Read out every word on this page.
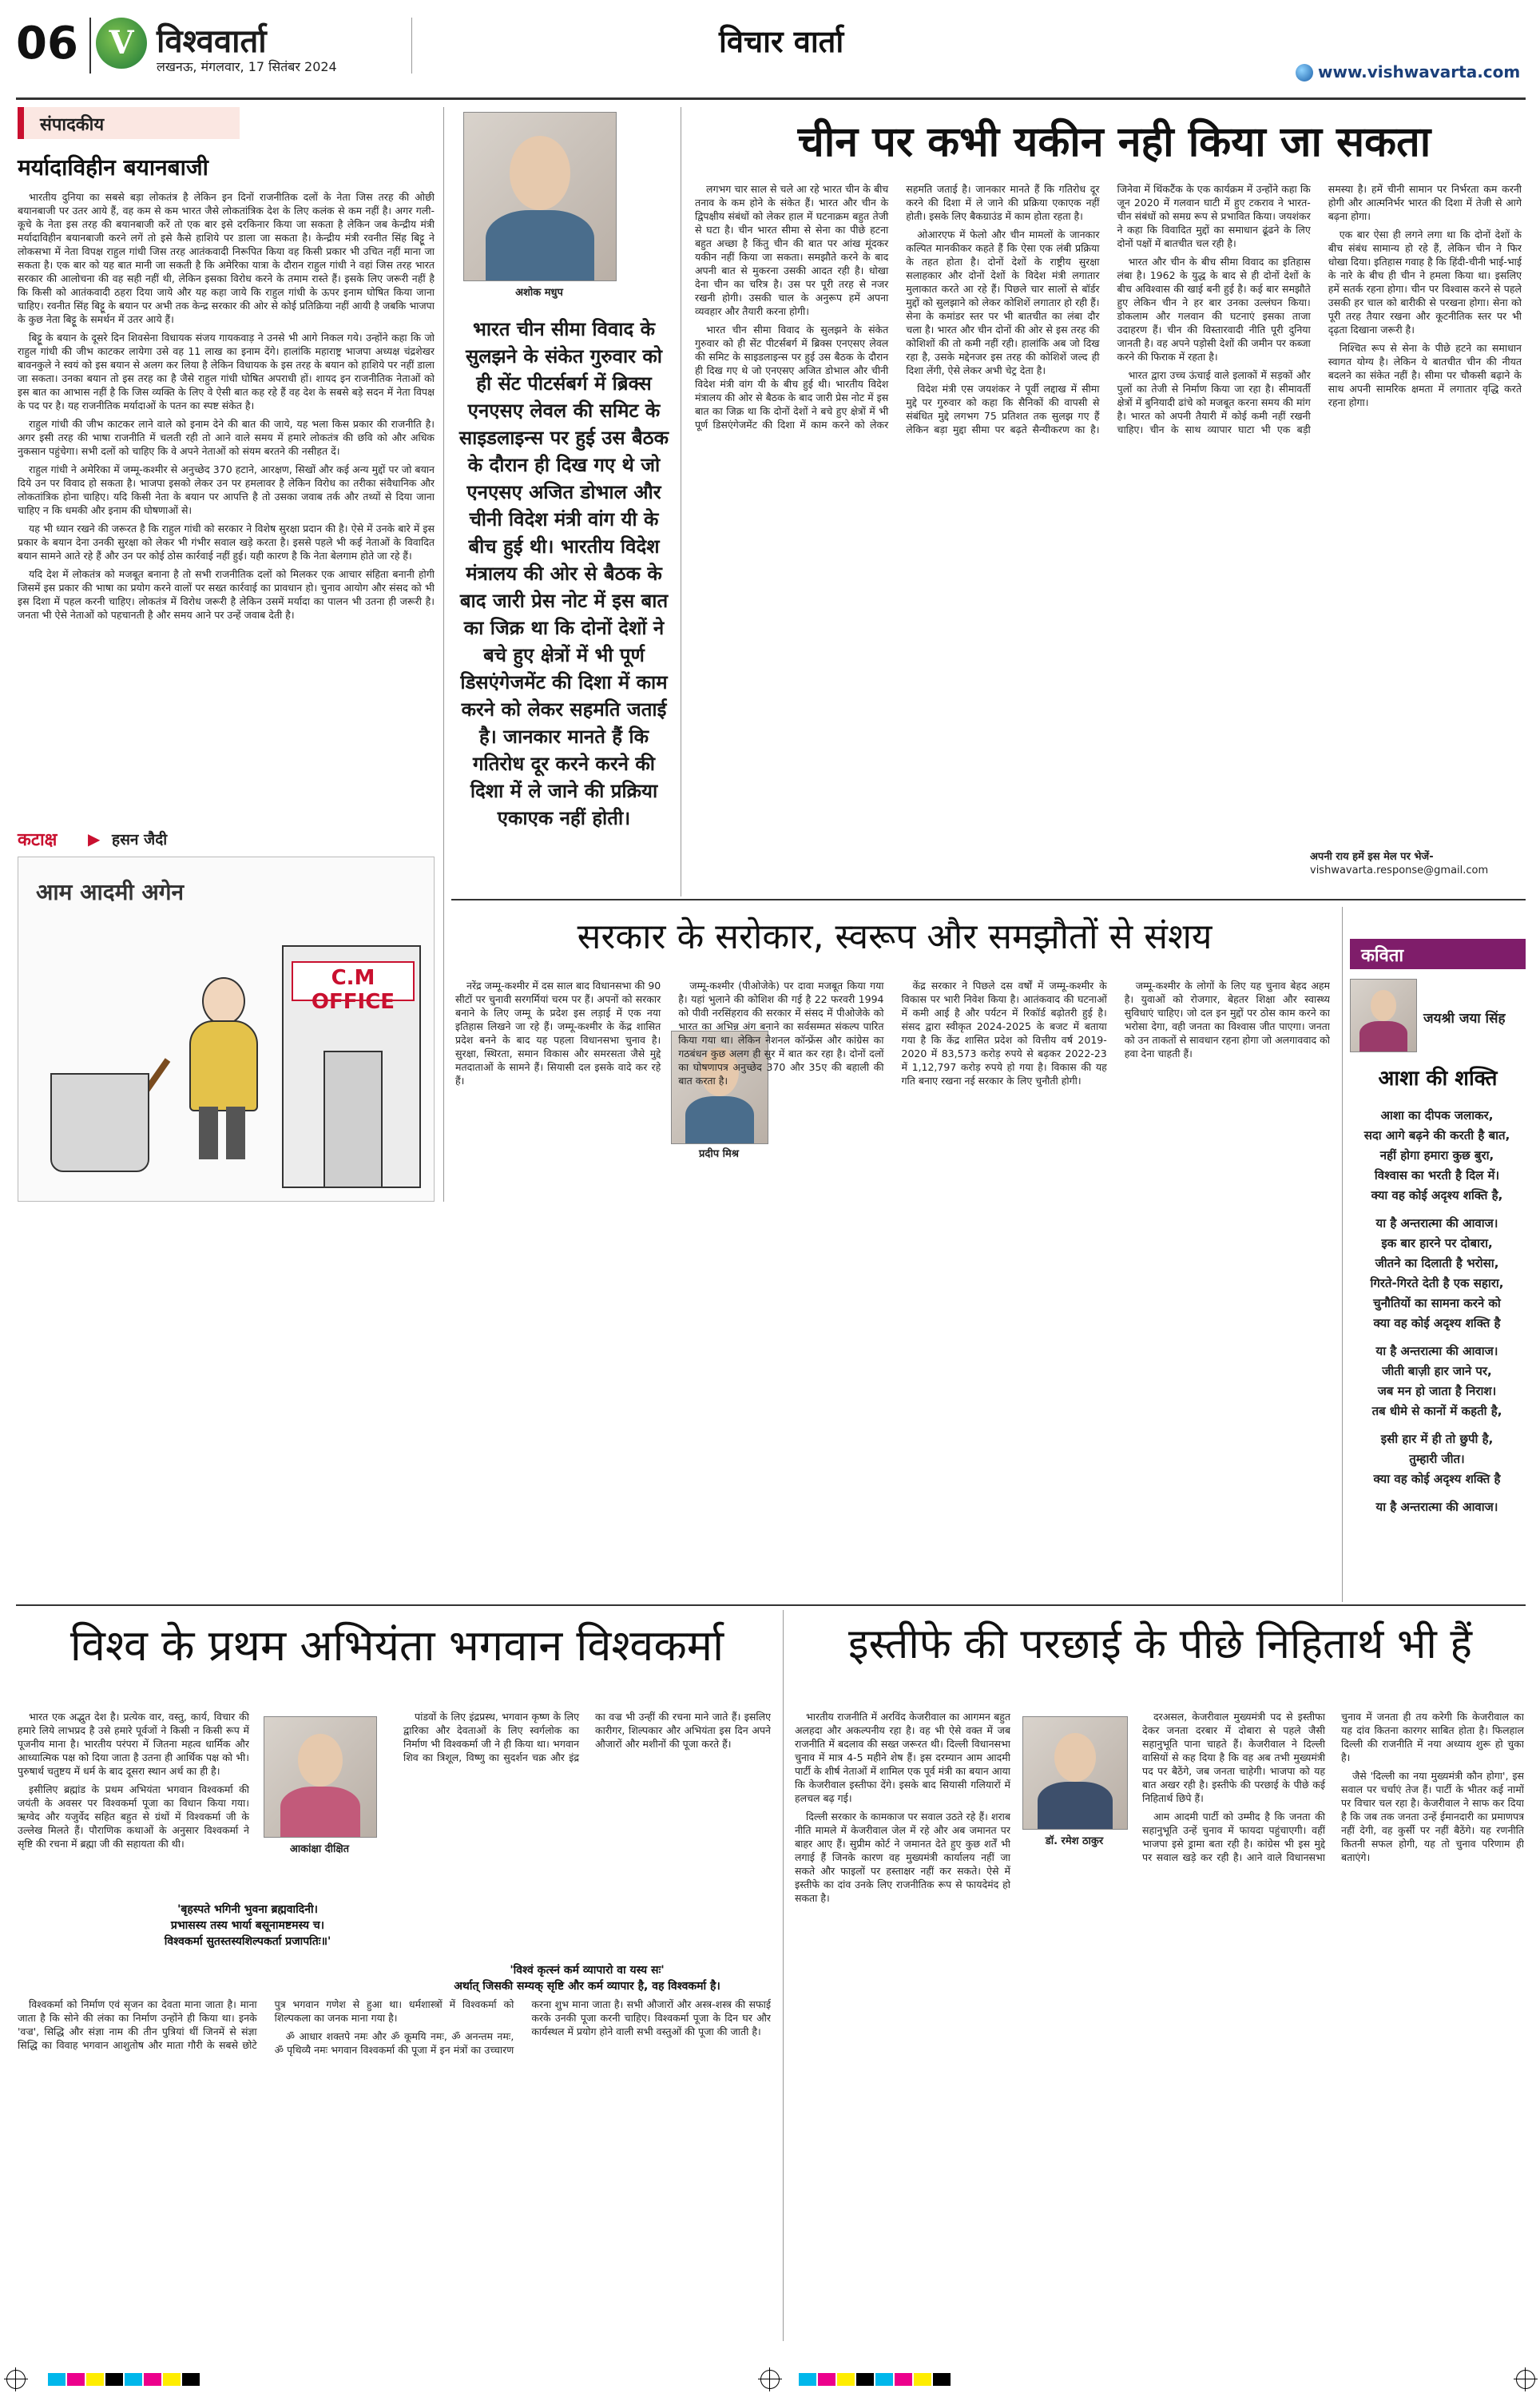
06 V विश्ववार्ता
लखनऊ, मंगलवार, 17 सितंबर 2024
विचार वार्ता
www.vishwavarta.com
संपादकीय
मर्यादाविहीन बयानबाजी

भारतीय दुनिया का सबसे बड़ा लोकतंत्र है लेकिन इन दिनों राजनीतिक दलों के नेता जिस तरह की ओछी बयानबाजी पर उतर आये हैं, वह कम से कम भारत जैसे लोकतांत्रिक देश के लिए कलंक से कम नहीं है। अगर गली-कूचे के नेता इस तरह की बयानबाजी करें तो एक बार इसे दरकिनार किया जा सकता है लेकिन जब केन्द्रीय मंत्री मर्यादाविहीन बयानबाजी करने लगें तो इसे कैसे हाशिये पर डाला जा सकता है। केन्द्रीय मंत्री रवनीत सिंह बिट्टू ने लोकसभा में नेता विपक्ष राहुल गांधी जिस तरह आतंकवादी निरूपित किया वह किसी प्रकार भी उचित नहीं माना जा सकता है। एक बार को यह बात मानी जा सकती है कि अमेरिका यात्रा के दौरान राहुल गांधी ने वहां जिस तरह भारत सरकार की आलोचना की वह सही नहीं थी, लेकिन इसका विरोध करने के तमाम रास्ते हैं। इसके लिए जरूरी नहीं है कि किसी को आतंकवादी ठहरा दिया जाये और यह कहा जाये कि राहुल गांधी के ऊपर इनाम घोषित किया जाना चाहिए। रवनीत सिंह बिट्टू के बयान पर अभी तक केन्द्र सरकार की ओर से कोई प्रतिक्रिया नहीं आयी है जबकि भाजपा के कुछ नेता बिट्टू के समर्थन में उतर आये हैं।

बिट्टू के बयान के दूसरे दिन शिवसेना विधायक संजय गायकवाड़ ने उनसे भी आगे निकल गये। उन्होंने कहा कि जो राहुल गांधी की जीभ काटकर लायेगा उसे वह 11 लाख का इनाम देंगे। हालांकि महाराष्ट्र भाजपा अध्यक्ष चंद्रशेखर बावनकुले ने स्वयं को इस बयान से अलग कर लिया है लेकिन विधायक के इस तरह के बयान को हाशिये पर नहीं डाला जा सकता। उनका बयान तो इस तरह का है जैसे राहुल गांधी घोषित अपराधी हों। शायद इन राजनीतिक नेताओं को इस बात का आभास नहीं है कि जिस व्यक्ति के लिए वे ऐसी बात कह रहे हैं वह देश के सबसे बड़े सदन में नेता विपक्ष के पद पर है। यह राजनीतिक मर्यादाओं के पतन का स्पष्ट संकेत है।

राहुल गांधी की जीभ काटकर लाने वाले को इनाम देने की बात की जाये, यह भला किस प्रकार की राजनीति है। अगर इसी तरह की भाषा राजनीति में चलती रही तो आने वाले समय में हमारे लोकतंत्र की छवि को और अधिक नुकसान पहुंचेगा। सभी दलों को चाहिए कि वे अपने नेताओं को संयम बरतने की नसीहत दें।

राहुल गांधी ने अमेरिका में जम्मू-कश्मीर से अनुच्छेद 370 हटाने, आरक्षण, सिखों और कई अन्य मुद्दों पर जो बयान दिये उन पर विवाद हो सकता है। भाजपा इसको लेकर उन पर हमलावर है लेकिन विरोध का तरीका संवैधानिक और लोकतांत्रिक होना चाहिए। यदि किसी नेता के बयान पर आपत्ति है तो उसका जवाब तर्क और तथ्यों से दिया जाना चाहिए न कि धमकी और इनाम की घोषणाओं से।

यह भी ध्यान रखने की जरूरत है कि राहुल गांधी को सरकार ने विशेष सुरक्षा प्रदान की है। ऐसे में उनके बारे में इस प्रकार के बयान देना उनकी सुरक्षा को लेकर भी गंभीर सवाल खड़े करता है। इससे पहले भी कई नेताओं के विवादित बयान सामने आते रहे हैं और उन पर कोई ठोस कार्रवाई नहीं हुई। यही कारण है कि नेता बेलगाम होते जा रहे हैं।

यदि देश में लोकतंत्र को मजबूत बनाना है तो सभी राजनीतिक दलों को मिलकर एक आचार संहिता बनानी होगी जिसमें इस प्रकार की भाषा का प्रयोग करने वालों पर सख्त कार्रवाई का प्रावधान हो। चुनाव आयोग और संसद को भी इस दिशा में पहल करनी चाहिए। लोकतंत्र में विरोध जरूरी है लेकिन उसमें मर्यादा का पालन भी उतना ही जरूरी है। जनता भी ऐसे नेताओं को पहचानती है और समय आने पर उन्हें जवाब देती है।

कटाक्ष ▶ हसन जैदी
आम आदमी अगेन
C.M OFFICE
अशोक मधुप
भारत चीन सीमा विवाद के सुलझने के संकेत गुरुवार को ही सेंट पीटर्सबर्ग में ब्रिक्स एनएसए लेवल की समिट के साइडलाइन्स पर हुई उस बैठक के दौरान ही दिख गए थे जो एनएसए अजित डोभाल और चीनी विदेश मंत्री वांग यी के बीच हुई थी। भारतीय विदेश मंत्रालय की ओर से बैठक के बाद जारी प्रेस नोट में इस बात का जिक्र था कि दोनों देशों ने बचे हुए क्षेत्रों में भी पूर्ण डिसएंगेजमेंट की दिशा में काम करने को लेकर सहमति जताई है। जानकार मानते हैं कि गतिरोध दूर करने करने की दिशा में ले जाने की प्रक्रिया एकाएक नहीं होती।
चीन पर कभी यकीन नही किया जा सकता

लगभग चार साल से चले आ रहे भारत चीन के बीच तनाव के कम होने के संकेत हैं। भारत और चीन के द्विपक्षीय संबंधों को लेकर हाल में घटनाक्रम बहुत तेजी से घटा है। चीन भारत सीमा से सेना का पीछे हटना बहुत अच्छा है किंतु चीन की बात पर आंख मूंदकर यकीन नहीं किया जा सकता। समझौते करने के बाद अपनी बात से मुकरना उसकी आदत रही है। धोखा देना चीन का चरित्र है। उस पर पूरी तरह से नजर रखनी होगी। उसकी चाल के अनुरूप हमें अपना व्यवहार और तैयारी करना होगी।

भारत चीन सीमा विवाद के सुलझने के संकेत गुरुवार को ही सेंट पीटर्सबर्ग में ब्रिक्स एनएसए लेवल की समिट के साइडलाइन्स पर हुई उस बैठक के दौरान ही दिख गए थे जो एनएसए अजित डोभाल और चीनी विदेश मंत्री वांग यी के बीच हुई थी। भारतीय विदेश मंत्रालय की ओर से बैठक के बाद जारी प्रेस नोट में इस बात का जिक्र था कि दोनों देशों ने बचे हुए क्षेत्रों में भी पूर्ण डिसएंगेजमेंट की दिशा में काम करने को लेकर सहमति जताई है। जानकार मानते हैं कि गतिरोध दूर करने की दिशा में ले जाने की प्रक्रिया एकाएक नहीं होती। इसके लिए बैकग्राउंड में काम होता रहता है।

ओआरएफ में फेलो और चीन मामलों के जानकार कल्पित मानकीकर कहते हैं कि ऐसा एक लंबी प्रक्रिया के तहत होता है। दोनों देशों के राष्ट्रीय सुरक्षा सलाहकार और दोनों देशों के विदेश मंत्री लगातार मुलाकात करते आ रहे हैं। पिछले चार सालों से बॉर्डर मुद्दों को सुलझाने को लेकर कोशिशें लगातार हो रही हैं। सेना के कमांडर स्तर पर भी बातचीत का लंबा दौर चला है। भारत और चीन दोनों की ओर से इस तरह की कोशिशों की तो कमी नहीं रही। हालांकि अब जो दिख रहा है, उसके मद्देनजर इस तरह की कोशिशें जल्द ही दिशा लेंगी, ऐसे लेकर अभी चेट्र देता है।

विदेश मंत्री एस जयशंकर ने पूर्वी लद्दाख में सीमा मुद्दे पर गुरुवार को कहा कि सैनिकों की वापसी से संबंधित मुद्दे लगभग 75 प्रतिशत तक सुलझ गए हैं लेकिन बड़ा मुद्दा सीमा पर बढ़ते सैन्यीकरण का है। जिनेवा में थिंकटैंक के एक कार्यक्रम में उन्होंने कहा कि जून 2020 में गलवान घाटी में हुए टकराव ने भारत-चीन संबंधों को समग्र रूप से प्रभावित किया। जयशंकर ने कहा कि विवादित मुद्दों का समाधान ढूंढने के लिए दोनों पक्षों में बातचीत चल रही है।

भारत और चीन के बीच सीमा विवाद का इतिहास लंबा है। 1962 के युद्ध के बाद से ही दोनों देशों के बीच अविश्वास की खाई बनी हुई है। कई बार समझौते हुए लेकिन चीन ने हर बार उनका उल्लंघन किया। डोकलाम और गलवान की घटनाएं इसका ताजा उदाहरण हैं। चीन की विस्तारवादी नीति पूरी दुनिया जानती है। वह अपने पड़ोसी देशों की जमीन पर कब्जा करने की फिराक में रहता है।

भारत द्वारा उच्च ऊंचाई वाले इलाकों में सड़कों और पुलों का तेजी से निर्माण किया जा रहा है। सीमावर्ती क्षेत्रों में बुनियादी ढांचे को मजबूत करना समय की मांग है। भारत को अपनी तैयारी में कोई कमी नहीं रखनी चाहिए। चीन के साथ व्यापार घाटा भी एक बड़ी समस्या है। हमें चीनी सामान पर निर्भरता कम करनी होगी और आत्मनिर्भर भारत की दिशा में तेजी से आगे बढ़ना होगा।

एक बार ऐसा ही लगने लगा था कि दोनों देशों के बीच संबंध सामान्य हो रहे हैं, लेकिन चीन ने फिर धोखा दिया। इतिहास गवाह है कि हिंदी-चीनी भाई-भाई के नारे के बीच ही चीन ने हमला किया था। इसलिए हमें सतर्क रहना होगा। चीन पर विश्वास करने से पहले उसकी हर चाल को बारीकी से परखना होगा। सेना को पूरी तरह तैयार रखना और कूटनीतिक स्तर पर भी दृढ़ता दिखाना जरूरी है।

निश्चित रूप से सेना के पीछे हटने का समाधान स्वागत योग्य है। लेकिन ये बातचीत चीन की नीयत बदलने का संकेत नहीं है। सीमा पर चौकसी बढ़ाने के साथ अपनी सामरिक क्षमता में लगातार वृद्धि करते रहना होगा।

अपनी राय हमें इस मेल पर भेजें-
vishwavarta.response@gmail.com
सरकार के सरोकार, स्वरूप और समझौतों से संशय
प्रदीप मिश्र

नरेंद्र जम्मू-कश्मीर में दस साल बाद विधानसभा की 90 सीटों पर चुनावी सरगर्मियां चरम पर हैं। अपनों को सरकार बनाने के लिए जम्मू के प्रदेश इस लड़ाई में एक नया इतिहास लिखने जा रहे हैं। जम्मू-कश्मीर के केंद्र शासित प्रदेश बनने के बाद यह पहला विधानसभा चुनाव है। सुरक्षा, स्थिरता, समान विकास और समरसता जैसे मुद्दे मतदाताओं के सामने हैं। सियासी दल इसके वादे कर रहे हैं।

जम्मू-कश्मीर (पीओजेके) पर दावा मजबूत किया गया है। यहां भुलाने की कोशिश की गई है 22 फरवरी 1994 को पीवी नरसिंहराव की सरकार में संसद में पीओजेके को भारत का अभिन्न अंग बनाने का सर्वसम्मत संकल्प पारित किया गया था। लेकिन नेशनल कॉन्फ्रेंस और कांग्रेस का गठबंधन कुछ अलग ही सुर में बात कर रहा है। दोनों दलों का घोषणापत्र अनुच्छेद 370 और 35ए की बहाली की बात करता है।

केंद्र सरकार ने पिछले दस वर्षों में जम्मू-कश्मीर के विकास पर भारी निवेश किया है। आतंकवाद की घटनाओं में कमी आई है और पर्यटन में रिकॉर्ड बढ़ोतरी हुई है। संसद द्वारा स्वीकृत 2024-2025 के बजट में बताया गया है कि केंद्र शासित प्रदेश को वित्तीय वर्ष 2019-2020 में 83,573 करोड़ रुपये से बढ़कर 2022-23 में 1,12,797 करोड़ रुपये हो गया है। विकास की यह गति बनाए रखना नई सरकार के लिए चुनौती होगी।

जम्मू-कश्मीर के लोगों के लिए यह चुनाव बेहद अहम है। युवाओं को रोजगार, बेहतर शिक्षा और स्वास्थ्य सुविधाएं चाहिए। जो दल इन मुद्दों पर ठोस काम करने का भरोसा देगा, वही जनता का विश्वास जीत पाएगा। जनता को उन ताकतों से सावधान रहना होगा जो अलगाववाद को हवा देना चाहती हैं।

कविता
जयश्री जया सिंह
आशा की शक्ति
आशा का दीपक जलाकर,
सदा आगे बढ़ने की करती है बात,
नहीं होगा हमारा कुछ बुरा,
विश्वास का भरती है दिल में।
क्या वह कोई अदृश्य शक्ति है,
या है अन्तरात्मा की आवाज।
इक बार हारने पर दोबारा,
जीतने का दिलाती है भरोसा,
गिरते-गिरते देती है एक सहारा,
चुनौतियों का सामना करने को
क्या वह कोई अदृश्य शक्ति है
या है अन्तरात्मा की आवाज।
जीती बाज़ी हार जाने पर,
जब मन हो जाता है निराश।
तब धीमे से कानों में कहती है,
इसी हार में ही तो छुपी है,
तुम्हारी जीत।
क्या वह कोई अदृश्य शक्ति है
या है अन्तरात्मा की आवाज।
विश्व के प्रथम अभियंता भगवान विश्वकर्मा
आकांक्षा दीक्षित
'बृहस्पते भगिनी भुवना ब्रह्मवादिनी।
प्रभासस्य तस्य भार्या बसूनामष्टमस्य च।
विश्वकर्मा सुतस्तस्यशिल्पकर्ता प्रजापतिः॥'
'विश्वं कृत्स्नं कर्म व्यापारो वा यस्य सः'
अर्थात् जिसकी सम्यक् सृष्टि और कर्म व्यापार है, वह विश्वकर्मा है।

भारत एक अद्भुत देश है। प्रत्येक वार, वस्तु, कार्य, विचार की हमारे लिये लाभप्रद है उसे हमारे पूर्वजों ने किसी न किसी रूप में पूजनीय माना है। भारतीय परंपरा में जितना महत्व धार्मिक और आध्यात्मिक पक्ष को दिया जाता है उतना ही आर्थिक पक्ष को भी। पुरुषार्थ चतुष्टय में धर्म के बाद दूसरा स्थान अर्थ का ही है।

इसीलिए ब्रह्मांड के प्रथम अभियंता भगवान विश्वकर्मा की जयंती के अवसर पर विश्वकर्मा पूजा का विधान किया गया। ऋग्वेद और यजुर्वेद सहित बहुत से ग्रंथों में विश्वकर्मा जी के उल्लेख मिलते हैं। पौराणिक कथाओं के अनुसार विश्वकर्मा ने सृष्टि की रचना में ब्रह्मा जी की सहायता की थी।

पांडवों के लिए इंद्रप्रस्थ, भगवान कृष्ण के लिए द्वारिका और देवताओं के लिए स्वर्गलोक का निर्माण भी विश्वकर्मा जी ने ही किया था। भगवान शिव का त्रिशूल, विष्णु का सुदर्शन चक्र और इंद्र का वज्र भी उन्हीं की रचना माने जाते हैं। इसलिए कारीगर, शिल्पकार और अभियंता इस दिन अपने औजारों और मशीनों की पूजा करते हैं।

विश्वकर्मा को निर्माण एवं सृजन का देवता माना जाता है। माना जाता है कि सोने की लंका का निर्माण उन्होंने ही किया था। इनके 'वज्र', सिद्धि और संज्ञा नाम की तीन पुत्रियां थीं जिनमें से संज्ञा सिद्धि का विवाह भगवान आशुतोष और माता गौरी के सबसे छोटे पुत्र भगवान गणेश से हुआ था। धर्मशास्त्रों में विश्वकर्मा को शिल्पकला का जनक माना गया है।

ॐ आधार शक्तपे नमः और ॐ कूमयि नमः, ॐ अनन्तम नमः, ॐ पृथिव्यै नमः भगवान विश्वकर्मा की पूजा में इन मंत्रों का उच्चारण करना शुभ माना जाता है। सभी औजारों और अस्त्र-शस्त्र की सफाई करके उनकी पूजा करनी चाहिए। विश्वकर्मा पूजा के दिन घर और कार्यस्थल में प्रयोग होने वाली सभी वस्तुओं की पूजा की जाती है।

इस्तीफे की परछाई के पीछे निहितार्थ भी हैं
डॉ. रमेश ठाकुर

भारतीय राजनीति में अरविंद केजरीवाल का आगमन बहुत अलहदा और अकल्पनीय रहा है। वह भी ऐसे वक्त में जब राजनीति में बदलाव की सख्त जरूरत थी। दिल्ली विधानसभा चुनाव में मात्र 4-5 महीने शेष हैं। इस दरम्यान आम आदमी पार्टी के शीर्ष नेताओं में शामिल एक पूर्व मंत्री का बयान आया कि केजरीवाल इस्तीफा देंगे। इसके बाद सियासी गलियारों में हलचल बढ़ गई।

दिल्ली सरकार के कामकाज पर सवाल उठते रहे हैं। शराब नीति मामले में केजरीवाल जेल में रहे और अब जमानत पर बाहर आए हैं। सुप्रीम कोर्ट ने जमानत देते हुए कुछ शर्तें भी लगाई हैं जिनके कारण वह मुख्यमंत्री कार्यालय नहीं जा सकते और फाइलों पर हस्ताक्षर नहीं कर सकते। ऐसे में इस्तीफे का दांव उनके लिए राजनीतिक रूप से फायदेमंद हो सकता है।

दरअसल, केजरीवाल मुख्यमंत्री पद से इस्तीफा देकर जनता दरबार में दोबारा से पहले जैसी सहानुभूति पाना चाहते हैं। केजरीवाल ने दिल्ली वासियों से कह दिया है कि वह अब तभी मुख्यमंत्री पद पर बैठेंगे, जब जनता चाहेगी। भाजपा को यह बात अखर रही है। इस्तीफे की परछाई के पीछे कई निहितार्थ छिपे हैं।

आम आदमी पार्टी को उम्मीद है कि जनता की सहानुभूति उन्हें चुनाव में फायदा पहुंचाएगी। वहीं भाजपा इसे ड्रामा बता रही है। कांग्रेस भी इस मुद्दे पर सवाल खड़े कर रही है। आने वाले विधानसभा चुनाव में जनता ही तय करेगी कि केजरीवाल का यह दांव कितना कारगर साबित होता है। फिलहाल दिल्ली की राजनीति में नया अध्याय शुरू हो चुका है।

जैसे 'दिल्ली का नया मुख्यमंत्री कौन होगा', इस सवाल पर चर्चाएं तेज हैं। पार्टी के भीतर कई नामों पर विचार चल रहा है। केजरीवाल ने साफ कर दिया है कि जब तक जनता उन्हें ईमानदारी का प्रमाणपत्र नहीं देगी, वह कुर्सी पर नहीं बैठेंगे। यह रणनीति कितनी सफल होगी, यह तो चुनाव परिणाम ही बताएंगे।
